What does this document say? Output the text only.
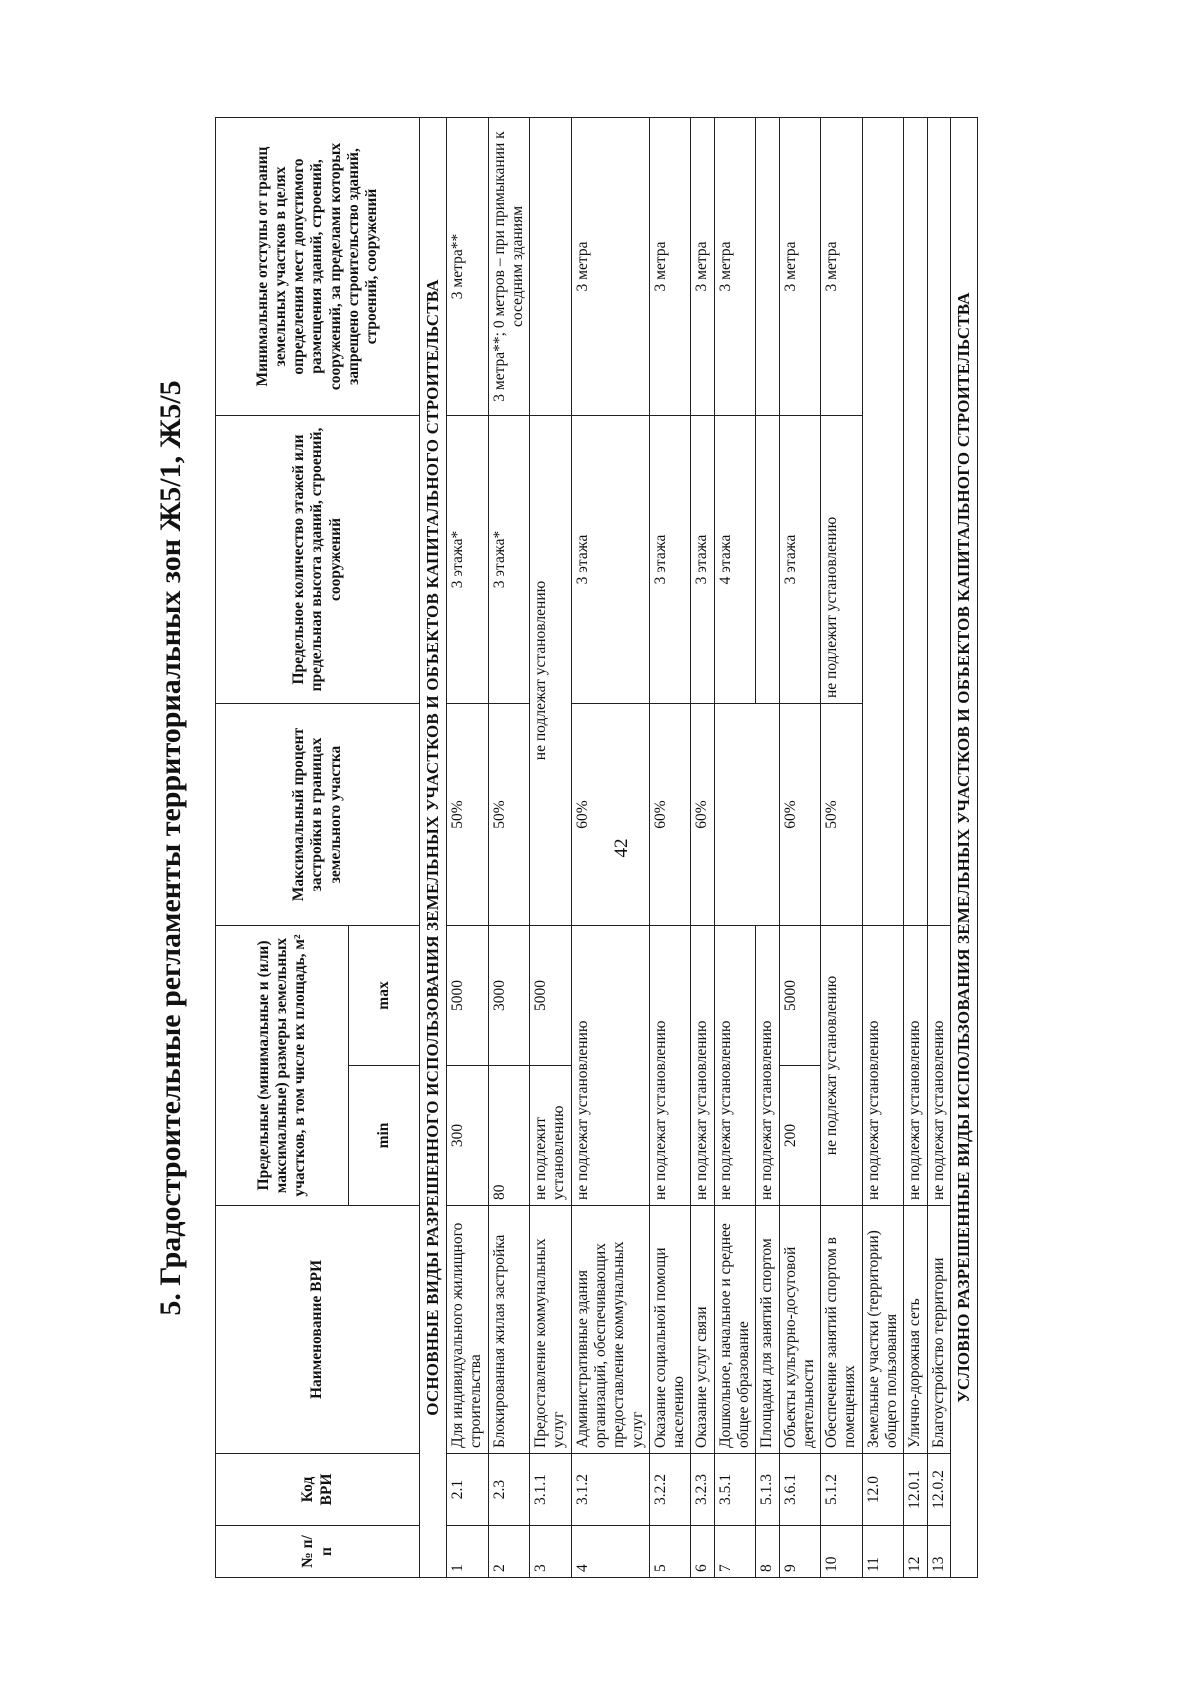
42
5. Градостроительные регламенты территориальных зон Ж5/1, Ж5/5
№ п/п	Код ВРИ	Наименование ВРИ	Предельные (минимальные и (или) максимальные) размеры земельных участков, в том числе их площадь, м²		Максимальный процент застройки в границах земельного участка	Предельное количество этажей или предельная высота зданий, строений, сооружений	Минимальные отступы от границ земельных участков в целях определения мест допустимого размещения зданий, строений, сооружений, за пределами которых запрещено строительство зданий, строений, сооружений
			min	max			
ОСНОВНЫЕ ВИДЫ РАЗРЕШЕННОГО ИСПОЛЬЗОВАНИЯ ЗЕМЕЛЬНЫХ УЧАСТКОВ И ОБЪЕКТОВ КАПИТАЛЬНОГО СТРОИТЕЛЬСТВА							
1	2.1	Для индивидуального жилищного строительства	300	5000	50%	3 этажа*	3 метра**
2	2.3	Блокированная жилая застройка	80	3000	50%	3 этажа*	3 метра**; 0 метров – при примыкании к соседним зданиям
3	3.1.1	Предоставление коммунальных услуг	не подлежит установлению	5000	не подлежат установлению		
4	3.1.2	Административные здания организаций, обеспечивающих предоставление коммунальных услуг	не подлежат установлению		60%	3 этажа	3 метра
5	3.2.2	Оказание социальной помощи населению	не подлежат установлению		60%	3 этажа	3 метра
6	3.2.3	Оказание услуг связи	не подлежат установлению		60%	3 этажа	3 метра
7	3.5.1	Дошкольное, начальное и среднее общее образование	не подлежат установлению			4 этажа	3 метра
8	5.1.3	Площадки для занятий спортом	не подлежат установлению				
9	3.6.1	Объекты культурно-досуговой деятельности	200	5000	60%	3 этажа	3 метра
10	5.1.2	Обеспечение занятий спортом в помещениях	не подлежат установлению		50%	не подлежит установлению	3 метра
11	12.0	Земельные участки (территории) общего пользования	не подлежат установлению				
12	12.0.1	Улично-дорожная сеть	не подлежат установлению				
13	12.0.2	Благоустройство территории	не подлежат установлению				
УСЛОВНО РАЗРЕШЕННЫЕ ВИДЫ ИСПОЛЬЗОВАНИЯ ЗЕМЕЛЬНЫХ УЧАСТКОВ И ОБЪЕКТОВ КАПИТАЛЬНОГО СТРОИТЕЛЬСТВА							
